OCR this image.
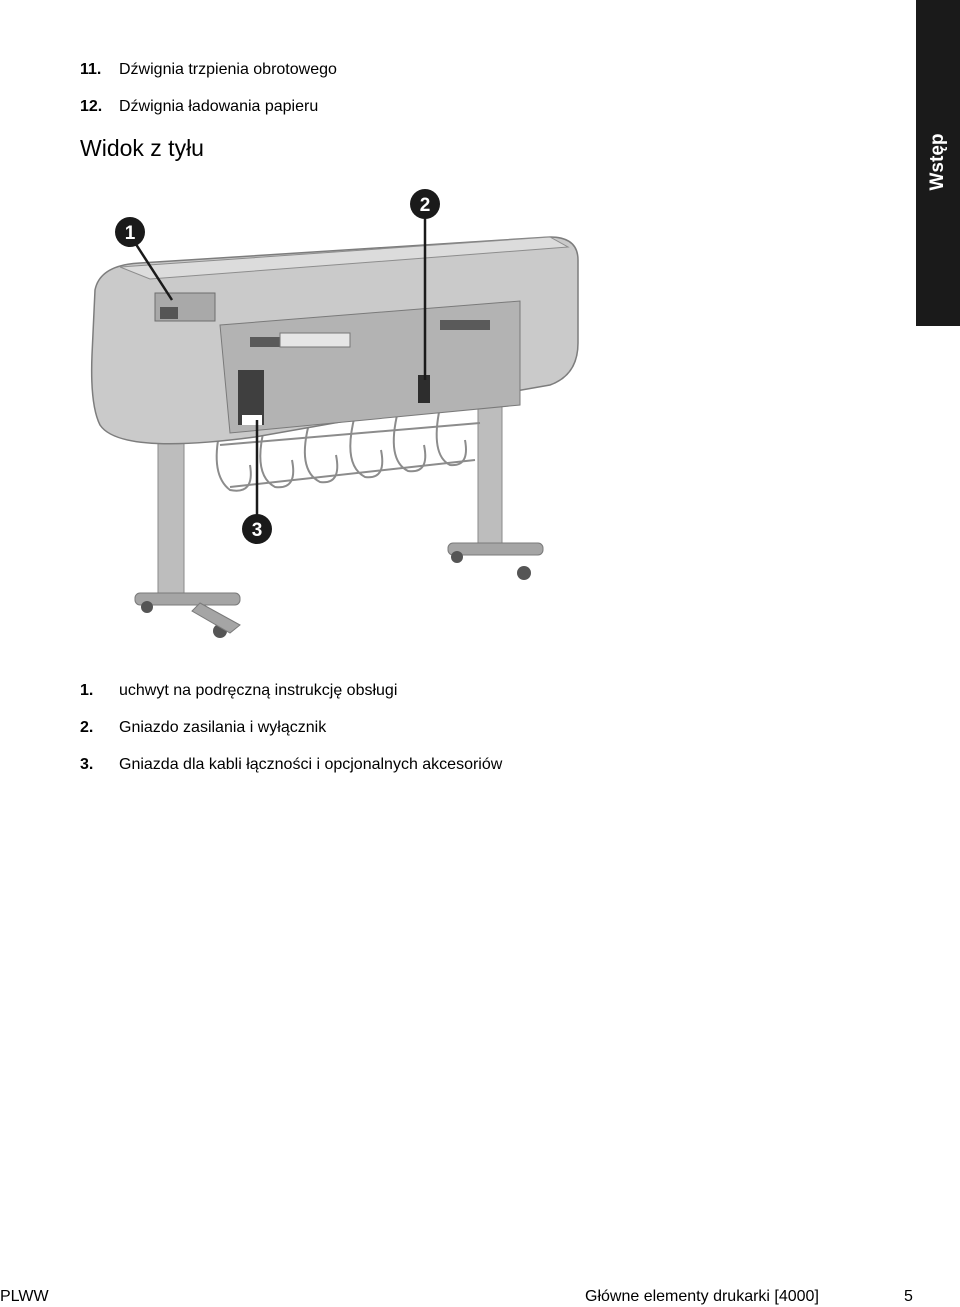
Wstęp
11.	Dźwignia trzpienia obrotowego
12.	Dźwignia ładowania papieru
Widok z tyłu
1
2
3
1.	uchwyt na podręczną instrukcję obsługi
2.	Gniazdo zasilania i wyłącznik
3.	Gniazda dla kabli łączności i opcjonalnych akcesoriów
PLWW	Główne elementy drukarki [4000]	5
